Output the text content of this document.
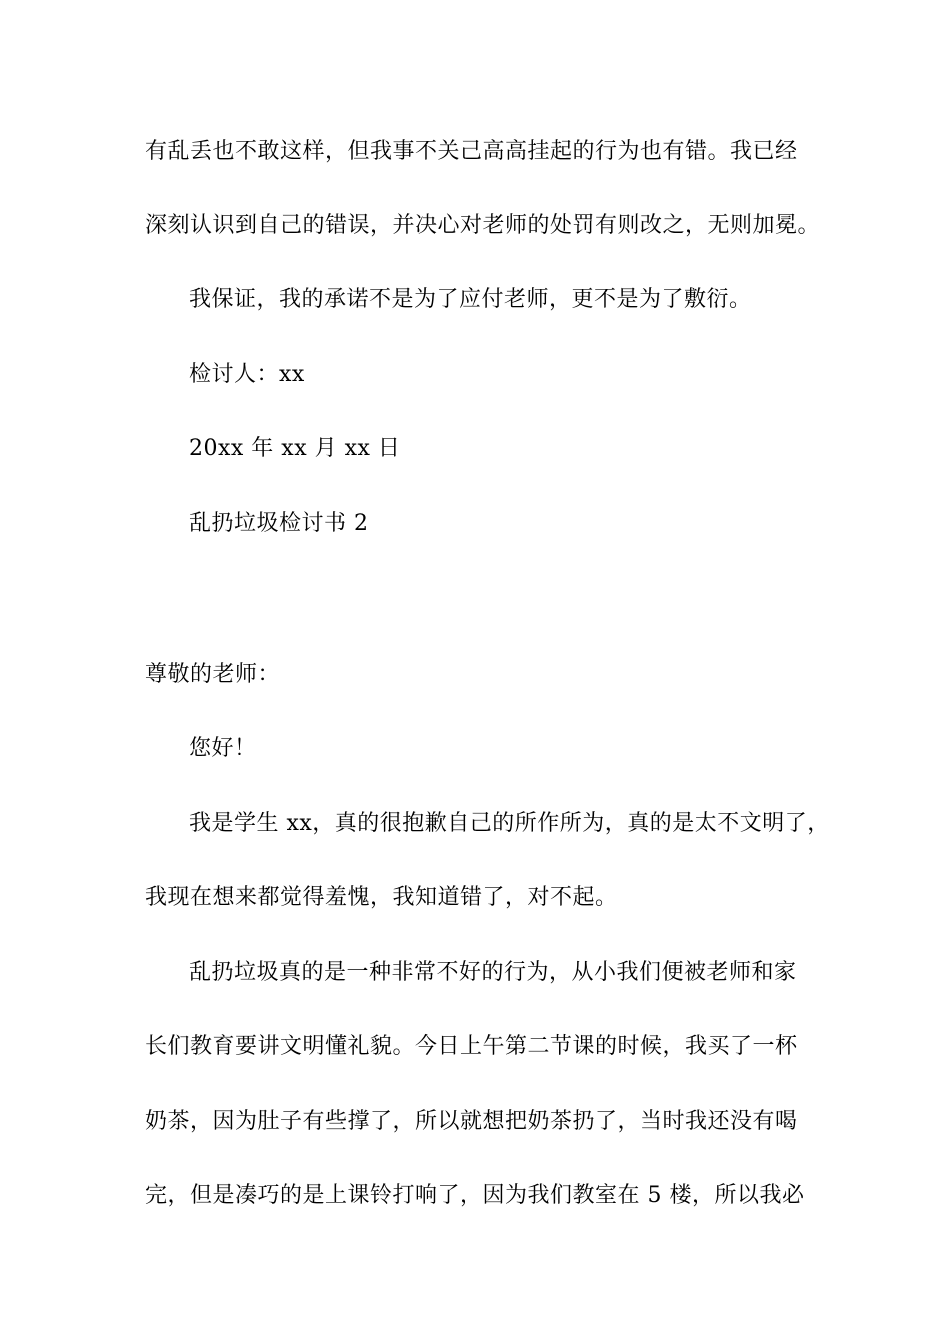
有乱丢也不敢这样，但我事不关己高高挂起的行为也有错。我已经
深刻认识到自己的错误，并决心对老师的处罚有则改之，无则加冕。
我保证，我的承诺不是为了应付老师，更不是为了敷衍。
检讨人：xx
20xx 年 xx 月 xx 日
乱扔垃圾检讨书 2
尊敬的老师：
您好！
我是学生 xx，真的很抱歉自己的所作所为，真的是太不文明了，
我现在想来都觉得羞愧，我知道错了，对不起。
乱扔垃圾真的是一种非常不好的行为，从小我们便被老师和家
长们教育要讲文明懂礼貌。今日上午第二节课的时候，我买了一杯
奶茶，因为肚子有些撑了，所以就想把奶茶扔了，当时我还没有喝
完，但是凑巧的是上课铃打响了，因为我们教室在 5 楼，所以我必
